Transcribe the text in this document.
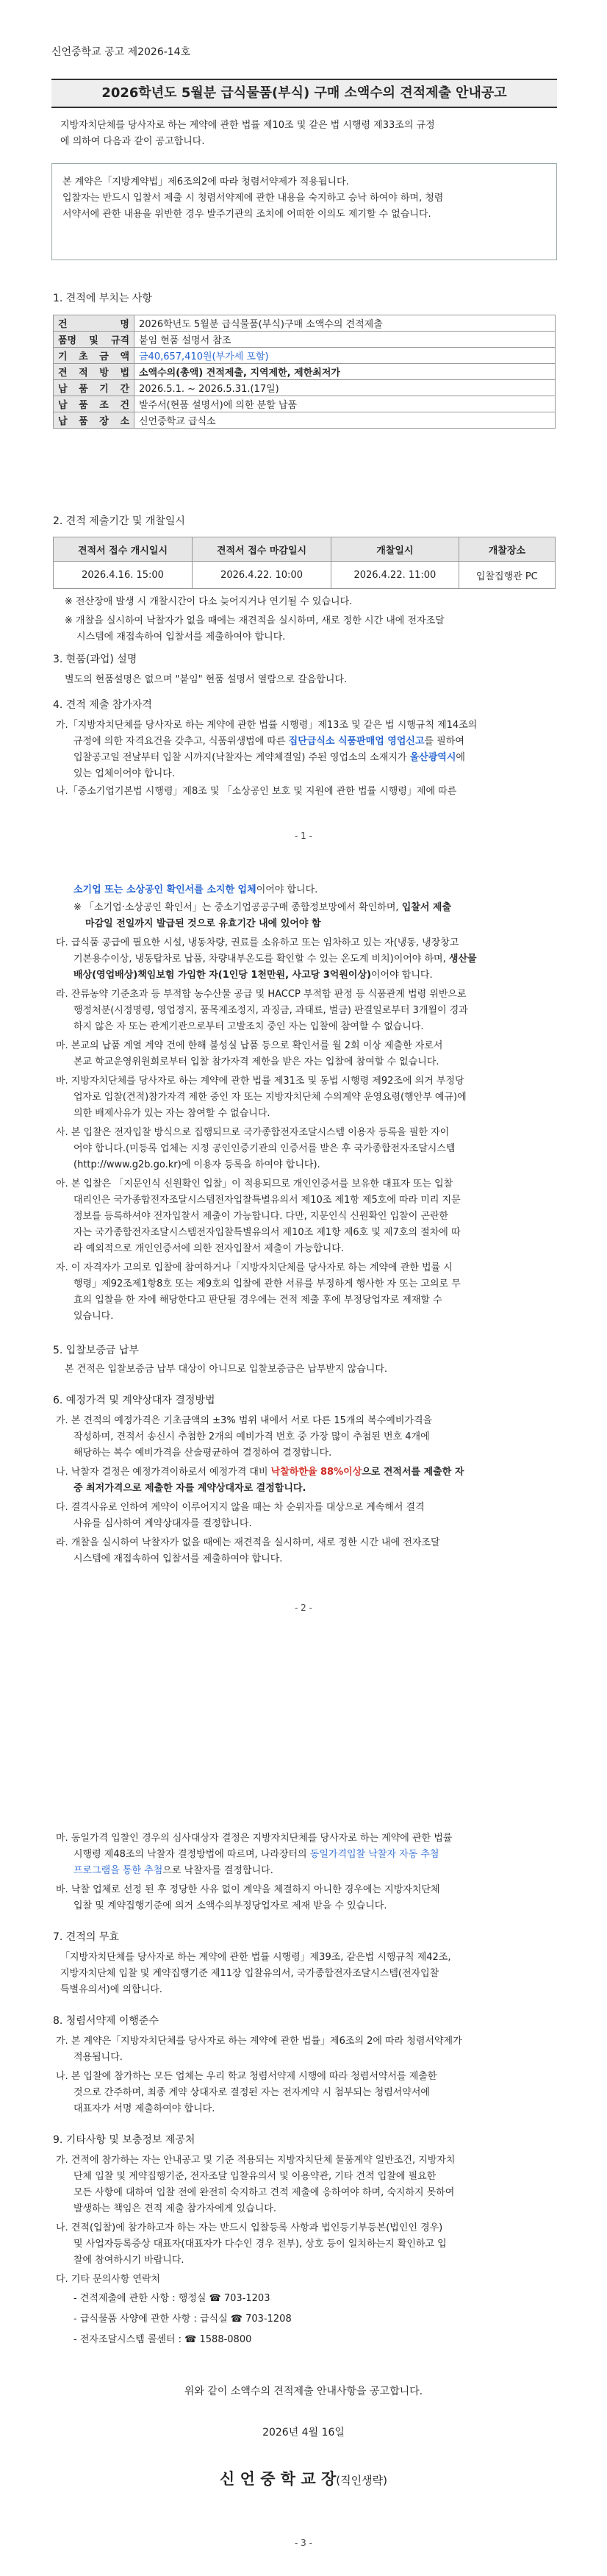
신언중학교 공고 제2026-14호
2026학년도 5월분 급식물품(부식) 구매 소액수의 견적제출 안내공고
지방자치단체를 당사자로 하는 계약에 관한 법률 제10조 및 같은 법 시행령 제33조의 규정
에 의하여 다음과 같이 공고합니다.
본 계약은「지방계약법」제6조의2에 따라 청렴서약제가 적용됩니다.
입찰자는 반드시 입찰서 제출 시 청렴서약제에 관한 내용을 숙지하고 승낙 하여야 하며, 청렴
서약서에 관한 내용을 위반한 경우 발주기관의 조치에 어떠한 이의도 제기할 수 없습니다.
1. 견적에 부치는 사항
건 명	2026학년도 5월분 급식물품(부식)구매 소액수의 견적제출
품명 및 규격	붙임 현품 설명서 참조
기 초 금 액	금40,657,410원(부가세 포함)
견 적 방 법	소액수의(총액) 견적제출, 지역제한, 제한최저가
납 품 기 간	2026.5.1. ~ 2026.5.31.(17일)
납 품 조 건	발주서(현품 설명서)에 의한 분할 납품
납 품 장 소	신언중학교 급식소
2. 견적 제출기간 및 개찰일시
견적서 접수 개시일시	견적서 접수 마감일시	개찰일시	개찰장소
2026.4.16. 15:00	2026.4.22. 10:00	2026.4.22. 11:00	입찰집행관 PC
※ 전산장애 발생 시 개찰시간이 다소 늦어지거나 연기될 수 있습니다.
※ 개찰을 실시하여 낙찰자가 없을 때에는 재견적을 실시하며, 새로 정한 시간 내에 전자조달
시스템에 재접속하여 입찰서를 제출하여야 합니다.
3. 현품(과업) 설명
별도의 현품설명은 없으며 "붙임" 현품 설명서 열람으로 갈음합니다.
4. 견적 제출 참가자격
가.「지방자치단체를 당사자로 하는 계약에 관한 법률 시행령」제13조 및 같은 법 시행규칙 제14조의
규정에 의한 자격요건을 갖추고, 식품위생법에 따른 집단급식소 식품판매업 영업신고를 필하여
입찰공고일 전날부터 입찰 시까지(낙찰자는 계약체결일) 주된 영업소의 소재지가 울산광역시에
있는 업체이어야 합니다.
나.「중소기업기본법 시행령」제8조 및 「소상공인 보호 및 지원에 관한 법률 시행령」제에 따른
- 1 -
소기업 또는 소상공인 확인서를 소지한 업체이어야 합니다.
※ 「소기업·소상공인 확인서」는 중소기업공공구매 종합정보망에서 확인하며, 입찰서 제출
마감일 전일까지 발급된 것으로 유효기간 내에 있어야 함
다. 급식품 공급에 필요한 시설, 냉동차량, 권료를 소유하고 또는 임차하고 있는 자(냉동, 냉장창고
기본용수이상, 냉동탑차로 납품, 차량내부온도를 확인할 수 있는 온도계 비치)이어야 하며, 생산물
배상(영업배상)책임보험 가입한 자(1인당 1천만원, 사고당 3억원이상)이어야 합니다.
라. 잔류농약 기준초과 등 부적합 농수산물 공급 및 HACCP 부적합 판정 등 식품관계 법령 위반으로
행정처분(시정명령, 영업정지, 품목제조정지, 과징금, 과태료, 벌금) 판결일로부터 3개월이 경과
하지 않은 자 또는 관계기관으로부터 고발조치 중인 자는 입찰에 참여할 수 없습니다.
마. 본교의 납품 계열 계약 건에 한해 불성실 납품 등으로 확인서를 월 2회 이상 제출한 자로서
본교 학교운영위원회로부터 입찰 참가자격 제한을 받은 자는 입찰에 참여할 수 없습니다.
바. 지방자치단체를 당사자로 하는 계약에 관한 법률 제31조 및 동법 시행령 제92조에 의거 부정당
업자로 입찰(견적)참가자격 제한 중인 자 또는 지방자치단체 수의계약 운영요령(행안부 예규)에
의한 배제사유가 있는 자는 참여할 수 없습니다.
사. 본 입찰은 전자입찰 방식으로 집행되므로 국가종합전자조달시스템 이용자 등록을 필한 자이
어야 합니다.(미등록 업체는 지정 공인인증기관의 인증서를 받은 후 국가종합전자조달시스템
(http://www.g2b.go.kr)에 이용자 등록을 하여야 합니다).
아. 본 입찰은 「지문인식 신원확인 입찰」이 적용되므로 개인인증서를 보유한 대표자 또는 입찰
대리인은 국가종합전자조달시스템전자입찰특별유의서 제10조 제1항 제5호에 따라 미리 지문
정보를 등록하셔야 전자입찰서 제출이 가능합니다. 다만, 지문인식 신원확인 입찰이 곤란한
자는 국가종합전자조달시스템전자입찰특별유의서 제10조 제1항 제6호 및 제7호의 절차에 따
라 예외적으로 개인인증서에 의한 전자입찰서 제출이 가능합니다.
자. 이 자격자가 고의로 입찰에 참여하거나「지방자치단체를 당사자로 하는 계약에 관한 법률 시
행령」제92조제1항8호 또는 제9호의 입찰에 관한 서류를 부정하게 행사한 자 또는 고의로 무
효의 입찰을 한 자에 해당한다고 판단될 경우에는 견적 제출 후에 부정당업자로 제재할 수
있습니다.
5. 입찰보증금 납부
본 견적은 입찰보증금 납부 대상이 아니므로 입찰보증금은 납부받지 않습니다.
6. 예정가격 및 계약상대자 결정방법
가. 본 견적의 예정가격은 기초금액의 ±3% 범위 내에서 서로 다른 15개의 복수예비가격을
작성하며, 견적서 송신시 추첨한 2개의 예비가격 번호 중 가장 많이 추첨된 번호 4개에
해당하는 복수 예비가격을 산술평균하여 결정하여 결정합니다.
나. 낙찰자 결정은 예정가격이하로서 예정가격 대비 낙찰하한율 88%이상으로 견적서를 제출한 자
중 최저가격으로 제출한 자를 계약상대자로 결정합니다.
다. 결격사유로 인하여 계약이 이루어지지 않을 때는 차 순위자를 대상으로 계속해서 결격
사유를 심사하여 계약상대자를 결정합니다.
라. 개찰을 실시하여 낙찰자가 없을 때에는 재견적을 실시하며, 새로 정한 시간 내에 전자조달
시스템에 재접속하여 입찰서를 제출하여야 합니다.
- 2 -
마. 동일가격 입찰인 경우의 심사대상자 결정은 지방자치단체를 당사자로 하는 계약에 관한 법률
시행령 제48조의 낙찰자 결정방법에 따르며, 나라장터의 동일가격입찰 낙찰자 자동 추첨
프로그램을 통한 추첨으로 낙찰자를 결정합니다.
바. 낙찰 업체로 선정 된 후 정당한 사유 없이 계약을 체결하지 아니한 경우에는 지방자치단체
입찰 및 계약집행기준에 의거 소액수의부정당업자로 제재 받을 수 있습니다.
7. 견적의 무효
「지방자치단체를 당사자로 하는 계약에 관한 법률 시행령」제39조, 같은법 시행규칙 제42조,
지방자치단체 입찰 및 계약집행기준 제11장 입찰유의서, 국가종합전자조달시스템(전자입찰
특별유의서)에 의합니다.
8. 청렴서약제 이행준수
가. 본 계약은「지방자치단체를 당사자로 하는 계약에 관한 법률」제6조의 2에 따라 청렴서약제가
적용됩니다.
나. 본 입찰에 참가하는 모든 업체는 우리 학교 청렴서약제 시행에 따라 청렴서약서를 제출한
것으로 간주하며, 최종 계약 상대자로 결정된 자는 전자계약 시 첨부되는 청렴서약서에
대표자가 서명 제출하여야 합니다.
9. 기타사항 및 보충정보 제공처
가. 견적에 참가하는 자는 안내공고 및 기준 적용되는 지방자치단체 물품계약 일반조건, 지방자치
단체 입찰 및 계약집행기준, 전자조달 입찰유의서 및 이용약관, 기타 견적 입찰에 필요한
모든 사항에 대하여 입찰 전에 완전히 숙지하고 견적 제출에 응하여야 하며, 숙지하지 못하여
발생하는 책임은 견적 제출 참가자에게 있습니다.
나. 견적(입찰)에 참가하고자 하는 자는 반드시 입찰등록 사항과 법인등기부등본(법인인 경우)
및 사업자등록증상 대표자(대표자가 다수인 경우 전부), 상호 등이 일치하는지 확인하고 입
찰에 참여하시기 바랍니다.
다. 기타 문의사항 연락처
- 견적제출에 관한 사항 : 행정실 ☎ 703-1203
- 급식물품 사양에 관한 사항 : 급식실 ☎ 703-1208
- 전자조달시스템 콜센터 : ☎ 1588-0800
위와 같이 소액수의 견적제출 안내사항을 공고합니다.
2026년 4월 16일
신 언 중 학 교 장(직인생략)
- 3 -
